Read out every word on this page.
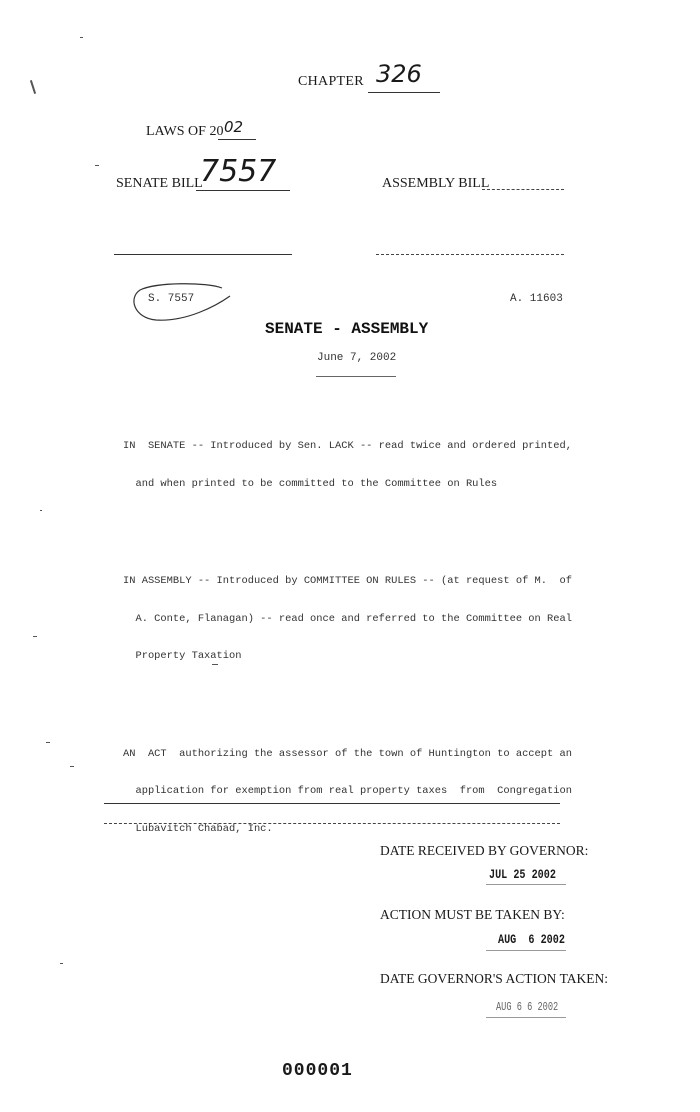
CHAPTER 326
LAWS OF 20 02
SENATE BILL
7557	ASSEMBLY BILL
S. 7557	A. 11603
SENATE - ASSEMBLY
June 7, 2002

IN  SENATE -- Introduced by Sen. LACK -- read twice and ordered printed,

and when printed to be committed to the Committee on Rules

IN ASSEMBLY -- Introduced by COMMITTEE ON RULES -- (at request of M.  of

A. Conte, Flanagan) -- read once and referred to the Committee on Real

Property Taxation

AN  ACT  authorizing the assessor of the town of Huntington to accept an

application for exemption from real property taxes  from  Congregation

Lubavitch Chabad, Inc.

DATE RECEIVED BY GOVERNOR:
JUL 25 2002
ACTION MUST BE TAKEN BY:
AUG  6 2002
DATE GOVERNOR'S ACTION TAKEN:
AUG 6 6 2002
000001
